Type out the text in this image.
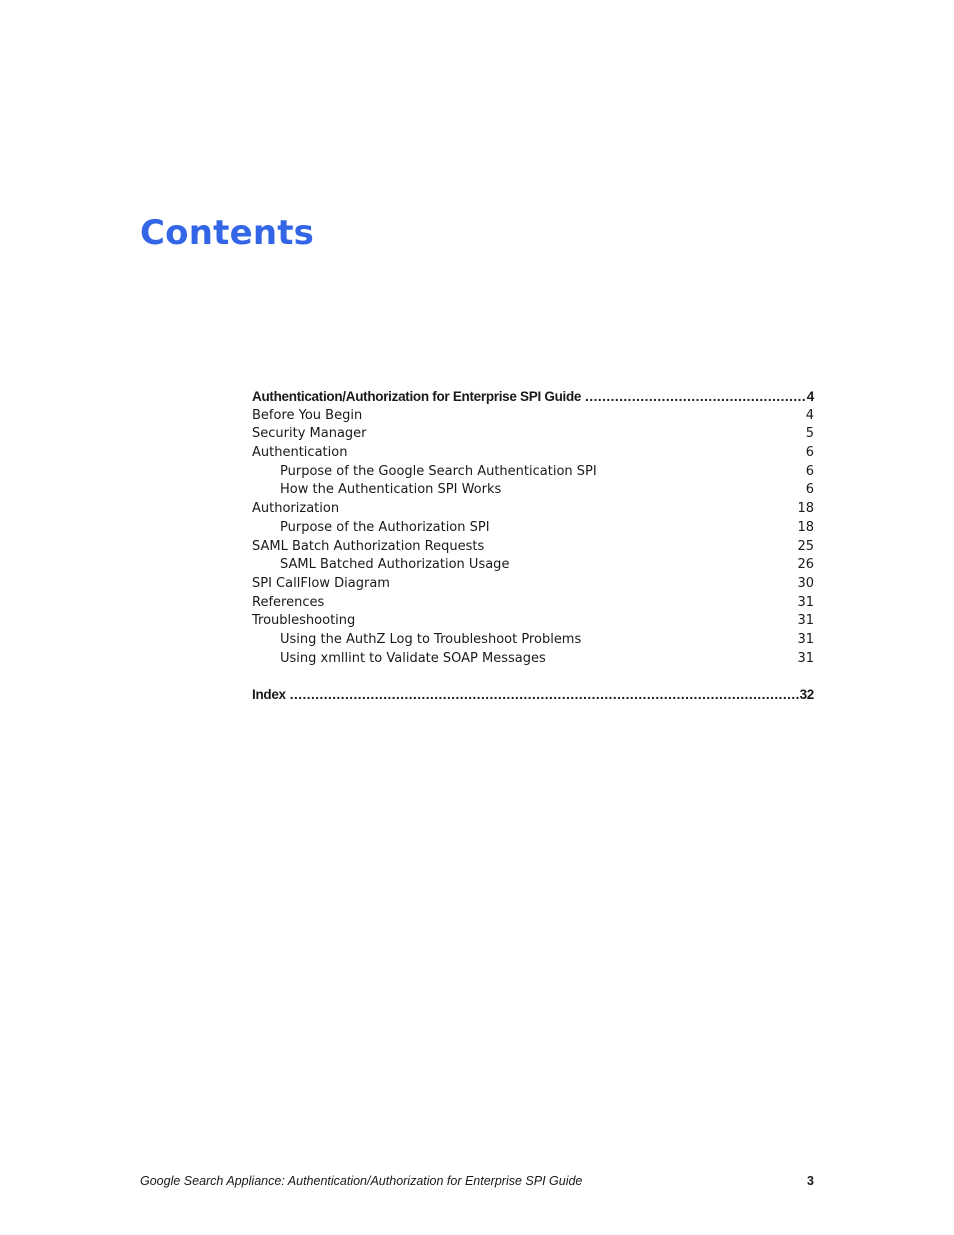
Contents
Authentication/Authorization for Enterprise SPI Guide .....	4
Before You Begin	4
Security Manager	5
Authentication	6
Purpose of the Google Search Authentication SPI	6
How the Authentication SPI Works	6
Authorization	18
Purpose of the Authorization SPI	18
SAML Batch Authorization Requests	25
SAML Batched Authorization Usage	26
SPI CallFlow Diagram	30
References	31
Troubleshooting	31
Using the AuthZ Log to Troubleshoot Problems	31
Using xmllint to Validate SOAP Messages	31
Index .....	32
Google Search Appliance: Authentication/Authorization for Enterprise SPI Guide	3
